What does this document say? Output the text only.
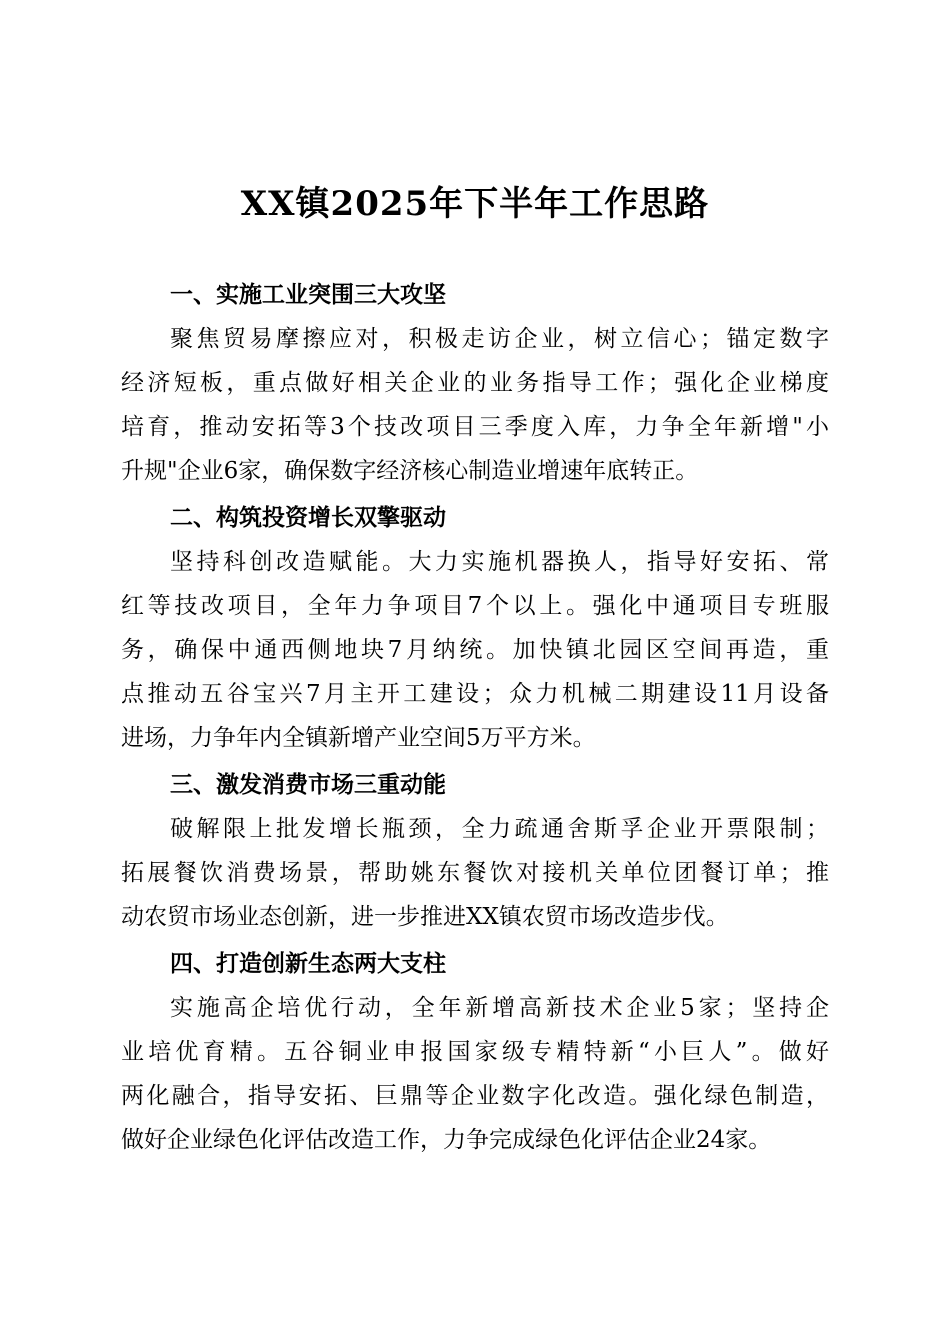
XX镇2025年下半年工作思路
一、实施工业突围三大攻坚
聚焦贸易摩擦应对，积极走访企业，树立信心；锚定数字
经济短板，重点做好相关企业的业务指导工作；强化企业梯度
培育，推动安拓等3个技改项目三季度入库，力争全年新增"小
升规"企业6家，确保数字经济核心制造业增速年底转正。
二、构筑投资增长双擎驱动
坚持科创改造赋能。大力实施机器换人，指导好安拓、常
红等技改项目，全年力争项目7个以上。强化中通项目专班服
务，确保中通西侧地块7月纳统。加快镇北园区空间再造，重
点推动五谷宝兴7月主开工建设；众力机械二期建设11月设备
进场，力争年内全镇新增产业空间5万平方米。
三、激发消费市场三重动能
破解限上批发增长瓶颈，全力疏通舍斯孚企业开票限制；
拓展餐饮消费场景，帮助姚东餐饮对接机关单位团餐订单；推
动农贸市场业态创新，进一步推进XX镇农贸市场改造步伐。
四、打造创新生态两大支柱
实施高企培优行动，全年新增高新技术企业5家；坚持企
业培优育精。五谷铜业申报国家级专精特新“小巨人”。做好
两化融合，指导安拓、巨鼎等企业数字化改造。强化绿色制造，
做好企业绿色化评估改造工作，力争完成绿色化评估企业24家。
